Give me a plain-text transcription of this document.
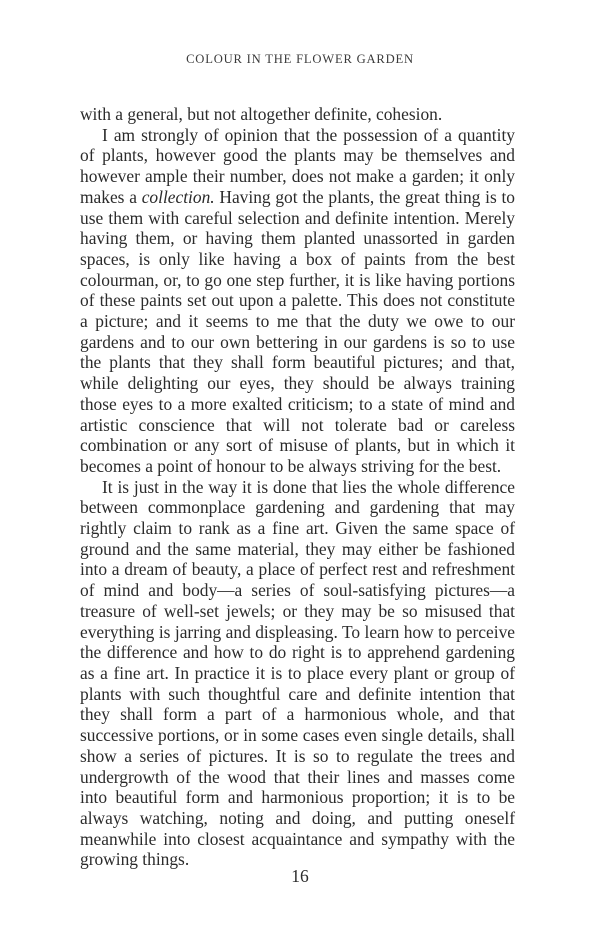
COLOUR IN THE FLOWER GARDEN

with a general, but not altogether definite, cohesion.

I am strongly of opinion that the possession of a quantity of plants, however good the plants may be themselves and however ample their number, does not make a garden; it only makes a collection. Having got the plants, the great thing is to use them with careful selection and definite intention. Merely having them, or having them planted unassorted in garden spaces, is only like having a box of paints from the best colourman, or, to go one step further, it is like having portions of these paints set out upon a palette. This does not constitute a picture; and it seems to me that the duty we owe to our gardens and to our own bettering in our gardens is so to use the plants that they shall form beautiful pictures; and that, while delighting our eyes, they should be always training those eyes to a more exalted criticism; to a state of mind and artistic conscience that will not tolerate bad or careless combination or any sort of misuse of plants, but in which it becomes a point of honour to be always striving for the best.

It is just in the way it is done that lies the whole difference between commonplace gardening and gardening that may rightly claim to rank as a fine art. Given the same space of ground and the same material, they may either be fashioned into a dream of beauty, a place of perfect rest and refreshment of mind and body—a series of soul-satisfying pictures—a treasure of well-set jewels; or they may be so misused that everything is jarring and displeasing. To learn how to perceive the difference and how to do right is to apprehend gardening as a fine art. In practice it is to place every plant or group of plants with such thoughtful care and definite intention that they shall form a part of a harmonious whole, and that successive portions, or in some cases even single details, shall show a series of pictures. It is so to regulate the trees and undergrowth of the wood that their lines and masses come into beautiful form and harmonious proportion; it is to be always watching, noting and doing, and putting oneself meanwhile into closest acquaintance and sympathy with the growing things.

16
